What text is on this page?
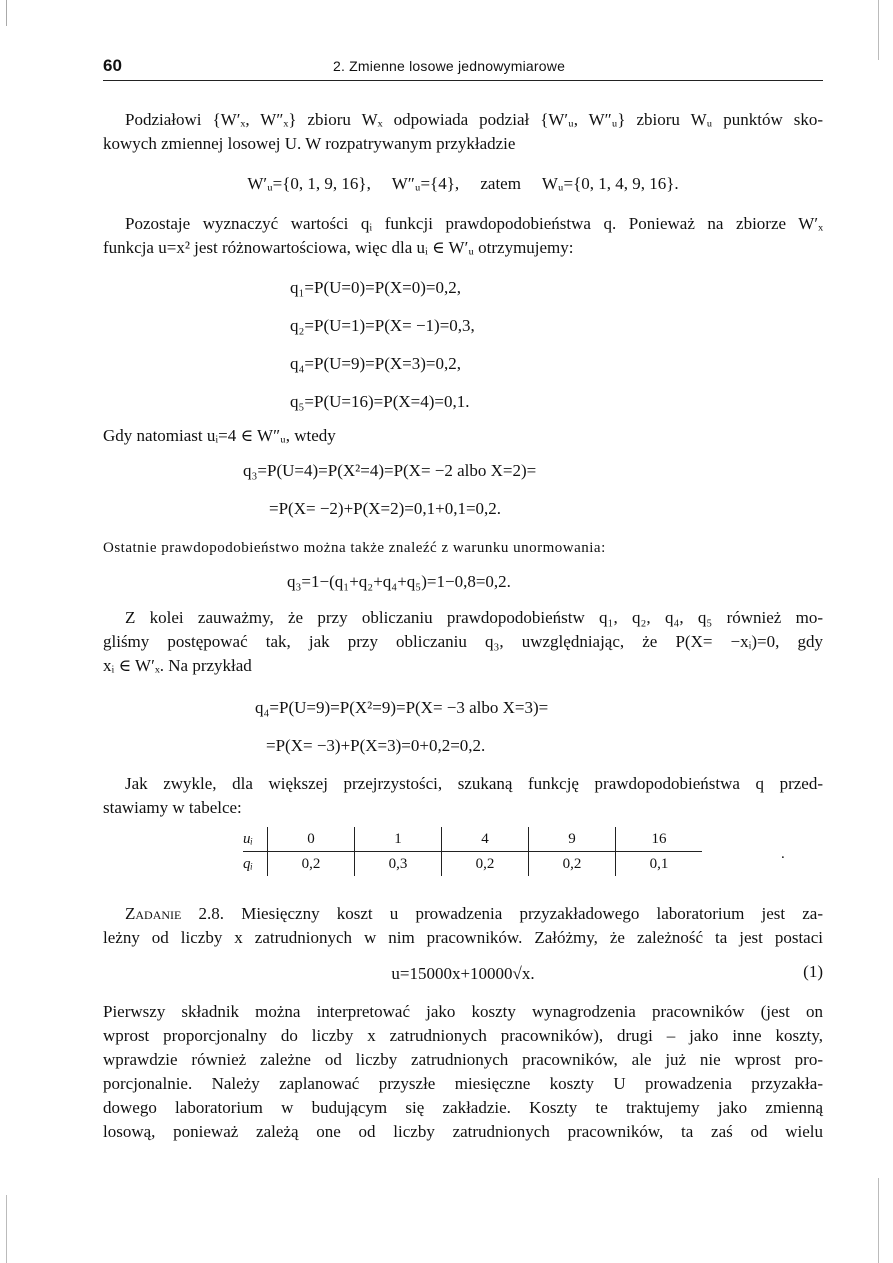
60	2. Zmienne losowe jednowymiarowe
Podziałowi {W′ₓ, W″ₓ} zbioru Wₓ odpowiada podział {W′ᵤ, W″ᵤ} zbioru Wᵤ punktów sko-
kowych zmiennej losowej U. W rozpatrywanym przykładzie
W′ᵤ={0, 1, 9, 16},     W″ᵤ={4},     zatem     Wᵤ={0, 1, 4, 9, 16}.
Pozostaje wyznaczyć wartości qᵢ funkcji prawdopodobieństwa q. Ponieważ na zbiorze W′ₓ
funkcja u=x² jest różnowartościowa, więc dla uᵢ ∈ W′ᵤ otrzymujemy:
q₁=P(U=0)=P(X=0)=0,2,
q₂=P(U=1)=P(X= −1)=0,3,
q₄=P(U=9)=P(X=3)=0,2,
q₅=P(U=16)=P(X=4)=0,1.
Gdy natomiast uᵢ=4 ∈ W″ᵤ, wtedy
q₃=P(U=4)=P(X²=4)=P(X= −2 albo X=2)=
=P(X= −2)+P(X=2)=0,1+0,1=0,2.
Ostatnie prawdopodobieństwo można także znaleźć z warunku unormowania:
q₃=1−(q₁+q₂+q₄+q₅)=1−0,8=0,2.
Z kolei zauważmy, że przy obliczaniu prawdopodobieństw q₁, q₂, q₄, q₅ również mo-
gliśmy postępować tak, jak przy obliczaniu q₃, uwzględniając, że P(X= −xᵢ)=0, gdy
xᵢ ∈ W′ₓ. Na przykład
q₄=P(U=9)=P(X²=9)=P(X= −3 albo X=3)=
=P(X= −3)+P(X=3)=0+0,2=0,2.
Jak zwykle, dla większej przejrzystości, szukaną funkcję prawdopodobieństwa q przed-
stawiamy w tabelce:
uᵢ	0	1	4	9	16
qᵢ	0,2	0,3	0,2	0,2	0,1
.
Zadanie 2.8. Miesięczny koszt u prowadzenia przyzakładowego laboratorium jest za-
leżny od liczby x zatrudnionych w nim pracowników. Załóżmy, że zależność ta jest postaci
u=15000x+10000√x.	(1)
Pierwszy składnik można interpretować jako koszty wynagrodzenia pracowników (jest on
wprost proporcjonalny do liczby x zatrudnionych pracowników), drugi – jako inne koszty,
wprawdzie również zależne od liczby zatrudnionych pracowników, ale już nie wprost pro-
porcjonalnie. Należy zaplanować przyszłe miesięczne koszty U prowadzenia przyzakła-
dowego laboratorium w budującym się zakładzie. Koszty te traktujemy jako zmienną
losową, ponieważ zależą one od liczby zatrudnionych pracowników, ta zaś od wielu
